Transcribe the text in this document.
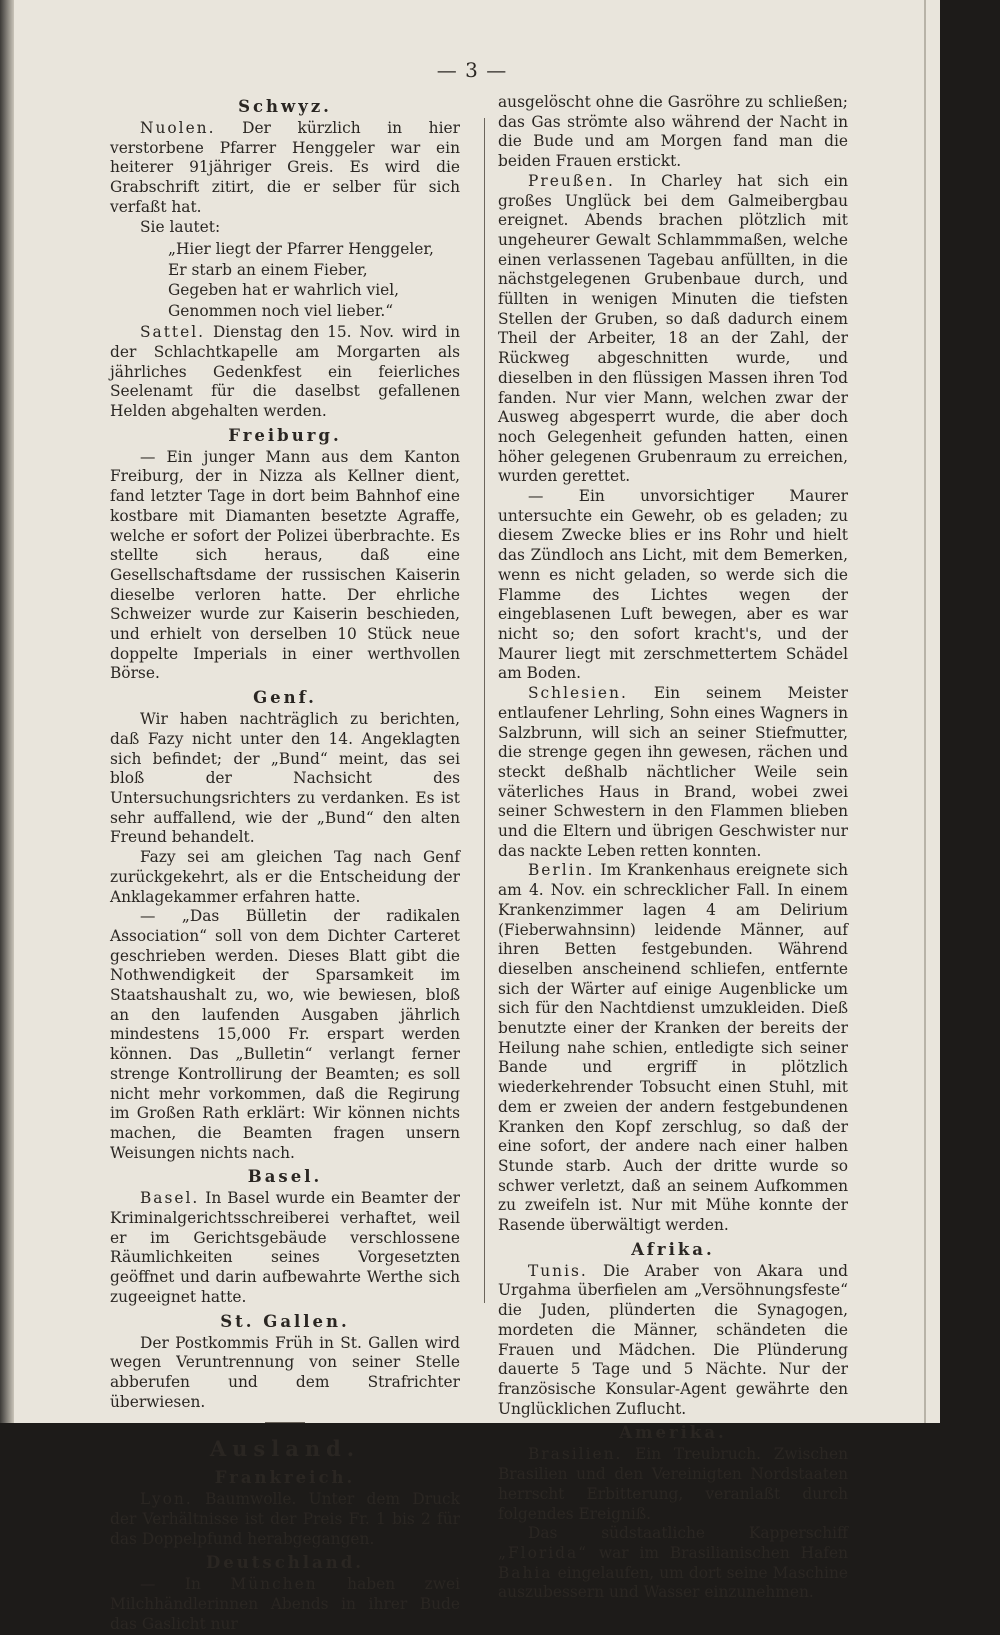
— 3 —
Schwyz.

Nuolen. Der kürzlich in hier verstorbene Pfarrer Henggeler war ein heiterer 91jähriger Greis. Es wird die Grabschrift zitirt, die er selber für sich verfaßt hat.

Sie lautet:

„Hier liegt der Pfarrer Henggeler,
Er starb an einem Fieber,
Gegeben hat er wahrlich viel,
Genommen noch viel lieber.“

Sattel. Dienstag den 15. Nov. wird in der Schlachtkapelle am Morgarten als jährliches Gedenkfest ein feierliches Seelenamt für die daselbst gefallenen Helden abgehalten werden.

Freiburg.

— Ein junger Mann aus dem Kanton Freiburg, der in Nizza als Kellner dient, fand letzter Tage in dort beim Bahnhof eine kostbare mit Diamanten besetzte Agraffe, welche er sofort der Polizei überbrachte. Es stellte sich heraus, daß eine Gesellschaftsdame der russischen Kaiserin dieselbe verloren hatte. Der ehrliche Schweizer wurde zur Kaiserin beschieden, und erhielt von derselben 10 Stück neue doppelte Imperials in einer werthvollen Börse.

Genf.

Wir haben nachträglich zu berichten, daß Fazy nicht unter den 14. Angeklagten sich befindet; der „Bund“ meint, das sei bloß der Nachsicht des Untersuchungsrichters zu verdanken. Es ist sehr auffallend, wie der „Bund“ den alten Freund behandelt.

Fazy sei am gleichen Tag nach Genf zurückgekehrt, als er die Entscheidung der Anklagekammer erfahren hatte.

— „Das Bülletin der radikalen Association“ soll von dem Dichter Carteret geschrieben werden. Dieses Blatt gibt die Nothwendigkeit der Sparsamkeit im Staatshaushalt zu, wo, wie bewiesen, bloß an den laufenden Ausgaben jährlich mindestens 15,000 Fr. erspart werden können. Das „Bulletin“ verlangt ferner strenge Kontrollirung der Beamten; es soll nicht mehr vorkommen, daß die Regirung im Großen Rath erklärt: Wir können nichts machen, die Beamten fragen unsern Weisungen nichts nach.

Basel.

Basel. In Basel wurde ein Beamter der Kriminalgerichtsschreiberei verhaftet, weil er im Gerichtsgebäude verschlossene Räumlichkeiten seines Vorgesetzten geöffnet und darin aufbewahrte Werthe sich zugeeignet hatte.

St. Gallen.

Der Postkommis Früh in St. Gallen wird wegen Veruntrennung von seiner Stelle abberufen und dem Strafrichter überwiesen.

Ausland.
Frankreich.

Lyon. Baumwolle. Unter dem Druck der Verhältnisse ist der Preis Fr. 1 bis 2 für das Doppelpfund herabgegangen.

Deutschland.

— In München haben zwei Milchhändlerinnen Abends in ihrer Bude das Gaslicht nur

ausgelöscht ohne die Gasröhre zu schließen; das Gas strömte also während der Nacht in die Bude und am Morgen fand man die beiden Frauen erstickt.

Preußen. In Charley hat sich ein großes Unglück bei dem Galmeibergbau ereignet. Abends brachen plötzlich mit ungeheurer Gewalt Schlammmaßen, welche einen verlassenen Tagebau anfüllten, in die nächstgelegenen Grubenbaue durch, und füllten in wenigen Minuten die tiefsten Stellen der Gruben, so daß dadurch einem Theil der Arbeiter, 18 an der Zahl, der Rückweg abgeschnitten wurde, und dieselben in den flüssigen Massen ihren Tod fanden. Nur vier Mann, welchen zwar der Ausweg abgesperrt wurde, die aber doch noch Gelegenheit gefunden hatten, einen höher gelegenen Grubenraum zu erreichen, wurden gerettet.

— Ein unvorsichtiger Maurer untersuchte ein Gewehr, ob es geladen; zu diesem Zwecke blies er ins Rohr und hielt das Zündloch ans Licht, mit dem Bemerken, wenn es nicht geladen, so werde sich die Flamme des Lichtes wegen der eingeblasenen Luft bewegen, aber es war nicht so; den sofort kracht's, und der Maurer liegt mit zerschmettertem Schädel am Boden.

Schlesien. Ein seinem Meister entlaufener Lehrling, Sohn eines Wagners in Salzbrunn, will sich an seiner Stiefmutter, die strenge gegen ihn gewesen, rächen und steckt deßhalb nächtlicher Weile sein väterliches Haus in Brand, wobei zwei seiner Schwestern in den Flammen blieben und die Eltern und übrigen Geschwister nur das nackte Leben retten konnten.

Berlin. Im Krankenhaus ereignete sich am 4. Nov. ein schrecklicher Fall. In einem Krankenzimmer lagen 4 am Delirium (Fieberwahnsinn) leidende Männer, auf ihren Betten festgebunden. Während dieselben anscheinend schliefen, entfernte sich der Wärter auf einige Augenblicke um sich für den Nachtdienst umzukleiden. Dieß benutzte einer der Kranken der bereits der Heilung nahe schien, entledigte sich seiner Bande und ergriff in plötzlich wiederkehrender Tobsucht einen Stuhl, mit dem er zweien der andern festgebundenen Kranken den Kopf zerschlug, so daß der eine sofort, der andere nach einer halben Stunde starb. Auch der dritte wurde so schwer verletzt, daß an seinem Aufkommen zu zweifeln ist. Nur mit Mühe konnte der Rasende überwältigt werden.

Afrika.

Tunis. Die Araber von Akara und Urgahma überfielen am „Versöhnungsfeste“ die Juden, plünderten die Synagogen, mordeten die Männer, schändeten die Frauen und Mädchen. Die Plünderung dauerte 5 Tage und 5 Nächte. Nur der französische Konsular-Agent gewährte den Unglücklichen Zuflucht.

Amerika.

Brasilien. Ein Treubruch. Zwischen Brasilien und den Vereinigten Nordstaaten herrscht Erbitterung, veranlaßt durch folgendes Ereigniß.

Das südstaatliche Kapperschiff „Florida“ war im Brasilianischen Hafen Bahia eingelaufen, um dort seine Maschine auszubessern und Wasser einzunehmen.
